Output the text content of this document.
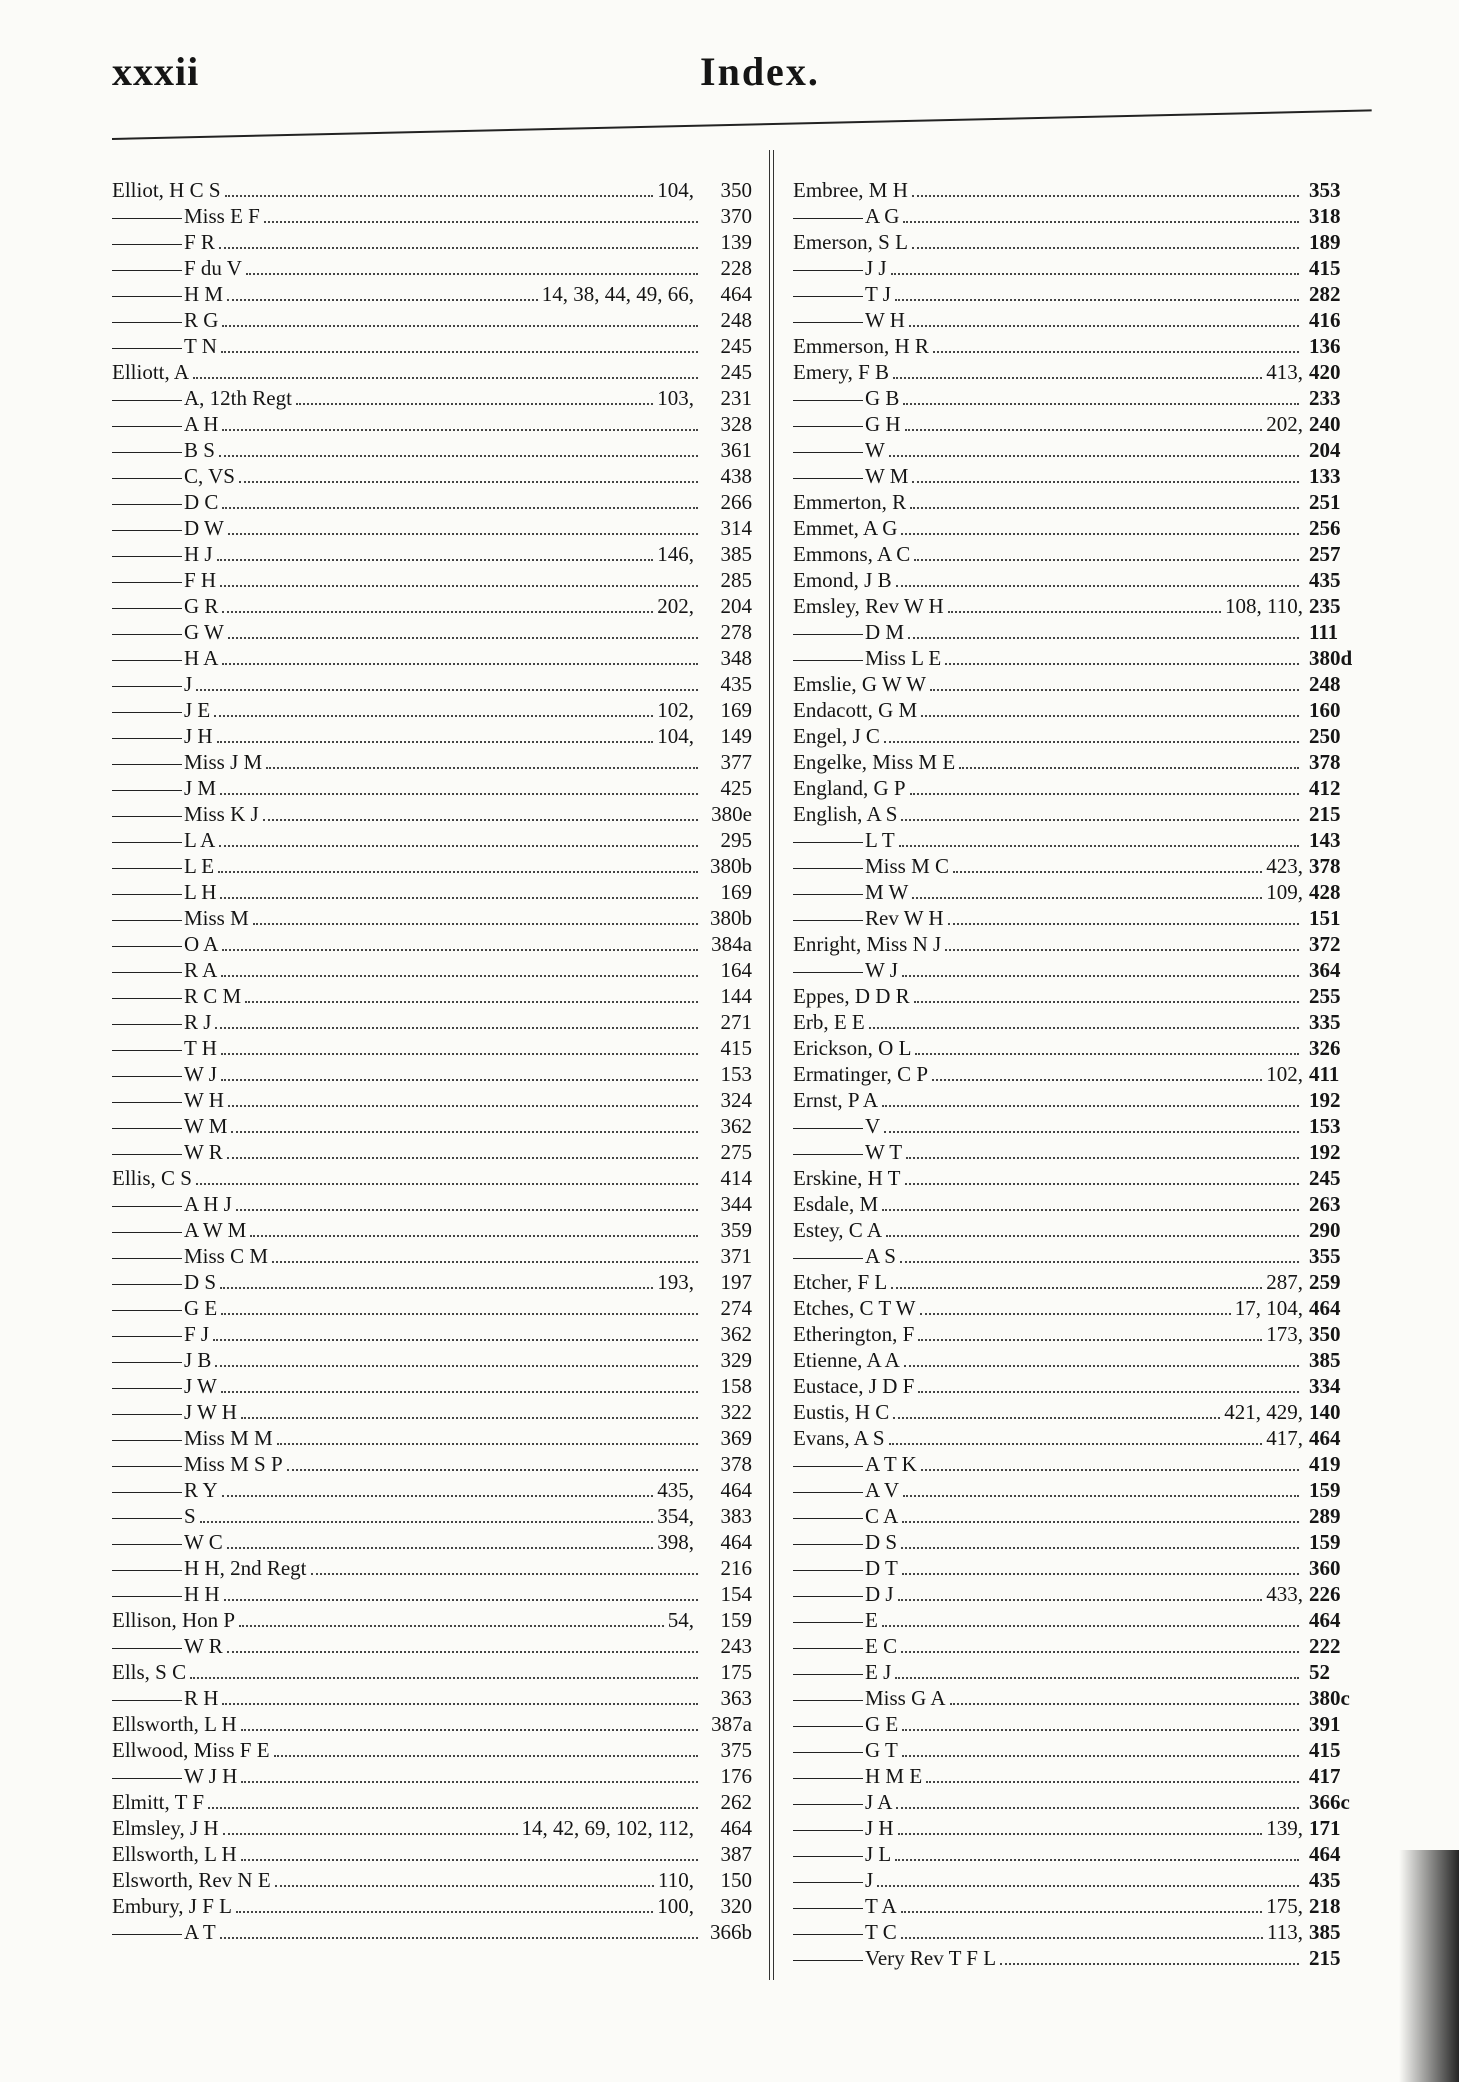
xxxii	Index.
Elliot, H C S	104,	350
Miss E F	370
F R	139
F du V	228
H M	14, 38, 44, 49, 66,	464
R G	248
T N	245
Elliott, A	245
A, 12th Regt	103,	231
A H	328
B S	361
C, VS	438
D C	266
D W	314
H J	146,	385
F H	285
G R	202,	204
G W	278
H A	348
J	435
J E	102,	169
J H	104,	149
Miss J M	377
J M	425
Miss K J	380e
L A	295
L E	380b
L H	169
Miss M	380b
O A	384a
R A	164
R C M	144
R J	271
T H	415
W J	153
W H	324
W M	362
W R	275
Ellis, C S	414
A H J	344
A W M	359
Miss C M	371
D S	193,	197
G E	274
F J	362
J B	329
J W	158
J W H	322
Miss M M	369
Miss M S P	378
R Y	435,	464
S	354,	383
W C	398,	464
H H, 2nd Regt	216
H H	154
Ellison, Hon P	54,	159
W R	243
Ells, S C	175
R H	363
Ellsworth, L H	387a
Ellwood, Miss F E	375
W J H	176
Elmitt, T F	262
Elmsley, J H	14, 42, 69, 102, 112,	464
Ellsworth, L H	387
Elsworth, Rev N E	110,	150
Embury, J F L	100,	320
A T	366b
Embree, M H	353
A G	318
Emerson, S L	189
J J	415
T J	282
W H	416
Emmerson, H R	136
Emery, F B	413, 420
G B	233
G H	202, 240
W	204
W M	133
Emmerton, R	251
Emmet, A G	256
Emmons, A C	257
Emond, J B	435
Emsley, Rev W H	108, 110, 235
D M	111
Miss L E	380d
Emslie, G W W	248
Endacott, G M	160
Engel, J C	250
Engelke, Miss M E	378
England, G P	412
English, A S	215
L T	143
Miss M C	423, 378
M W	109, 428
Rev W H	151
Enright, Miss N J	372
W J	364
Eppes, D D R	255
Erb, E E	335
Erickson, O L	326
Ermatinger, C P	102, 411
Ernst, P A	192
V	153
W T	192
Erskine, H T	245
Esdale, M	263
Estey, C A	290
A S	355
Etcher, F L	287, 259
Etches, C T W	17, 104, 464
Etherington, F	173, 350
Etienne, A A	385
Eustace, J D F	334
Eustis, H C	421, 429, 140
Evans, A S	417, 464
A T K	419
A V	159
C A	289
D S	159
D T	360
D J	433, 226
E	464
E C	222
E J	52
Miss G A	380c
G E	391
G T	415
H M E	417
J A	366c
J H	139, 171
J L	464
J	435
T A	175, 218
T C	113, 385
Very Rev T F L	215
